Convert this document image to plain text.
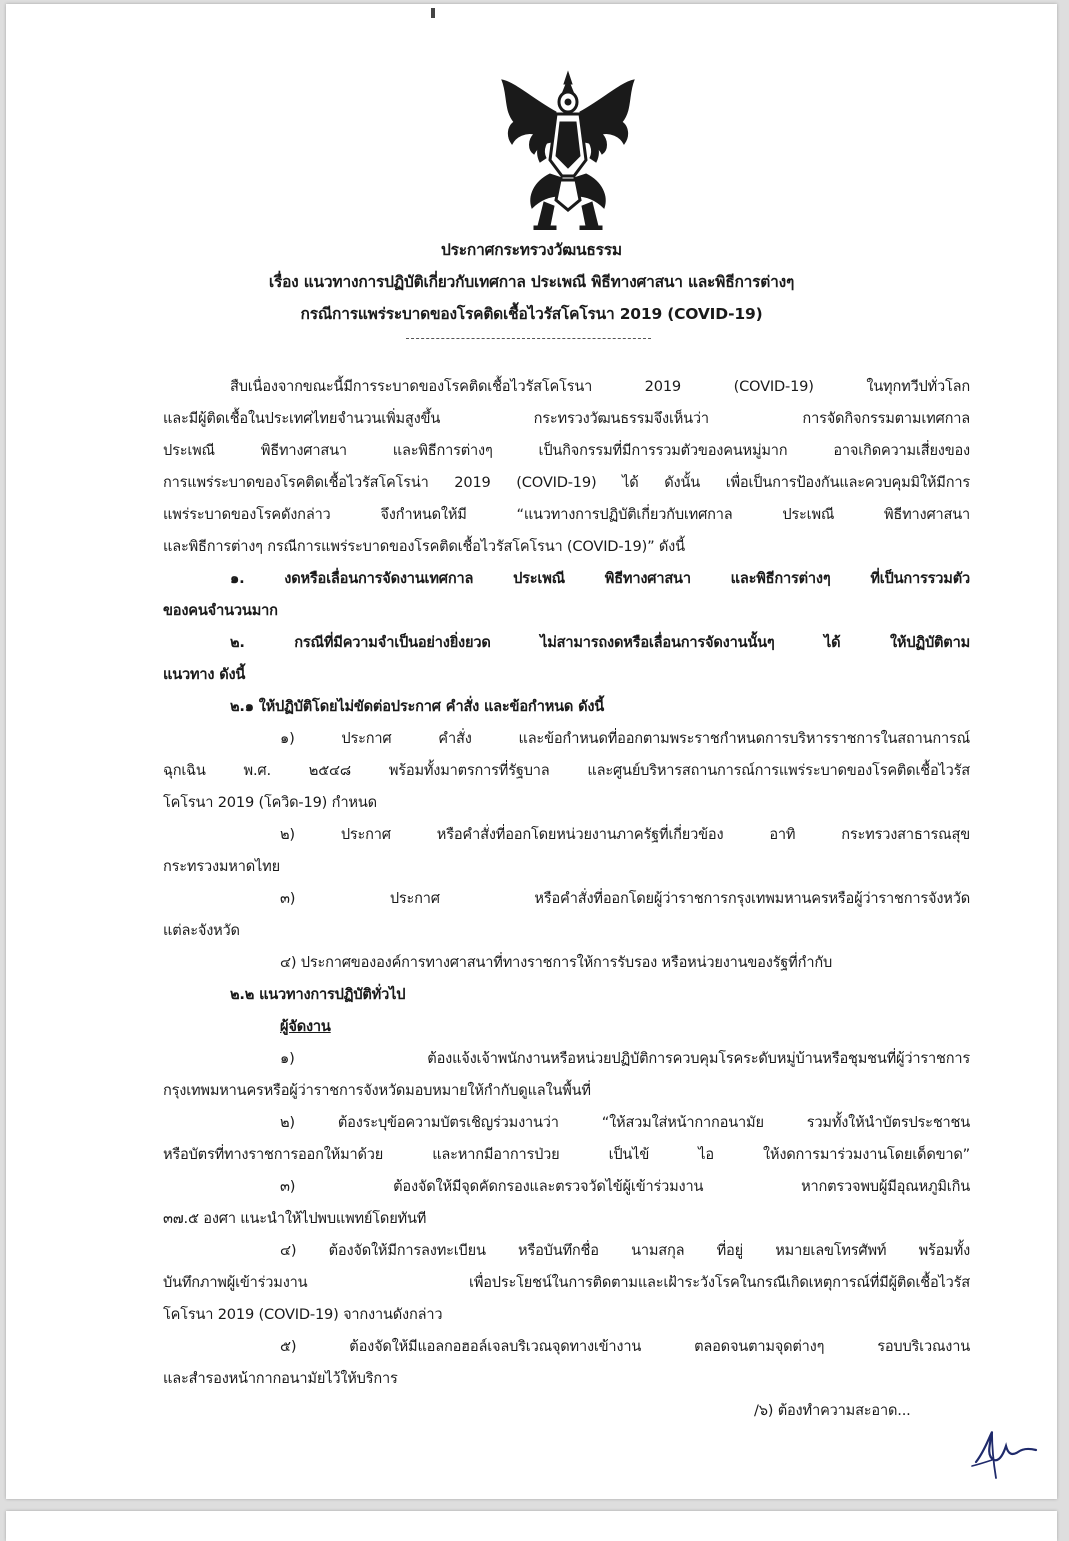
ประกาศกระทรวงวัฒนธรรม
เรื่อง แนวทางการปฏิบัติเกี่ยวกับเทศกาล ประเพณี พิธีทางศาสนา และพิธีการต่างๆ
กรณีการแพร่ระบาดของโรคติดเชื้อไวรัสโคโรนา 2019 (COVID-19)
สืบเนื่องจากขณะนี้มีการระบาดของโรคติดเชื้อไวรัสโคโรนา 2019 (COVID-19) ในทุกทวีปทั่วโลก
และมีผู้ติดเชื้อในประเทศไทยจำนวนเพิ่มสูงขึ้น กระทรวงวัฒนธรรมจึงเห็นว่า การจัดกิจกรรมตามเทศกาล
ประเพณี พิธีทางศาสนา และพิธีการต่างๆ เป็นกิจกรรมที่มีการรวมตัวของคนหมู่มาก อาจเกิดความเสี่ยงของ
การแพร่ระบาดของโรคติดเชื้อไวรัสโคโรน่า 2019 (COVID-19) ได้ ดังนั้น เพื่อเป็นการป้องกันและควบคุมมิให้มีการ
แพร่ระบาดของโรคดังกล่าว จึงกำหนดให้มี “แนวทางการปฏิบัติเกี่ยวกับเทศกาล ประเพณี พิธีทางศาสนา
และพิธีการต่างๆ กรณีการแพร่ระบาดของโรคติดเชื้อไวรัสโคโรนา (COVID-19)” ดังนี้
๑. งดหรือเลื่อนการจัดงานเทศกาล ประเพณี พิธีทางศาสนา และพิธีการต่างๆ ที่เป็นการรวมตัว
ของคนจำนวนมาก
๒. กรณีที่มีความจำเป็นอย่างยิ่งยวด ไม่สามารถงดหรือเลื่อนการจัดงานนั้นๆ ได้ ให้ปฏิบัติตาม
แนวทาง ดังนี้
๒.๑ ให้ปฏิบัติโดยไม่ขัดต่อประกาศ คำสั่ง และข้อกำหนด ดังนี้
๑) ประกาศ คำสั่ง และข้อกำหนดที่ออกตามพระราชกำหนดการบริหารราชการในสถานการณ์
ฉุกเฉิน พ.ศ. ๒๕๔๘ พร้อมทั้งมาตรการที่รัฐบาล และศูนย์บริหารสถานการณ์การแพร่ระบาดของโรคติดเชื้อไวรัส
โคโรนา 2019 (โควิด-19) กำหนด
๒) ประกาศ หรือคำสั่งที่ออกโดยหน่วยงานภาครัฐที่เกี่ยวข้อง อาทิ กระทรวงสาธารณสุข
กระทรวงมหาดไทย
๓) ประกาศ หรือคำสั่งที่ออกโดยผู้ว่าราชการกรุงเทพมหานครหรือผู้ว่าราชการจังหวัด
แต่ละจังหวัด
๔) ประกาศขององค์การทางศาสนาที่ทางราชการให้การรับรอง หรือหน่วยงานของรัฐที่กำกับ
๒.๒ แนวทางการปฏิบัติทั่วไป
ผู้จัดงาน
๑) ต้องแจ้งเจ้าพนักงานหรือหน่วยปฏิบัติการควบคุมโรคระดับหมู่บ้านหรือชุมชนที่ผู้ว่าราชการ
กรุงเทพมหานครหรือผู้ว่าราชการจังหวัดมอบหมายให้กำกับดูแลในพื้นที่
๒) ต้องระบุข้อความบัตรเชิญร่วมงานว่า “ให้สวมใส่หน้ากากอนามัย รวมทั้งให้นำบัตรประชาชน
หรือบัตรที่ทางราชการออกให้มาด้วย และหากมีอาการป่วย เป็นไข้ ไอ ให้งดการมาร่วมงานโดยเด็ดขาด”
๓) ต้องจัดให้มีจุดคัดกรองและตรวจวัดไข้ผู้เข้าร่วมงาน หากตรวจพบผู้มีอุณหภูมิเกิน
๓๗.๕ องศา แนะนำให้ไปพบแพทย์โดยทันที
๔) ต้องจัดให้มีการลงทะเบียน หรือบันทึกชื่อ นามสกุล ที่อยู่ หมายเลขโทรศัพท์ พร้อมทั้ง
บันทึกภาพผู้เข้าร่วมงาน เพื่อประโยชน์ในการติดตามและเฝ้าระวังโรคในกรณีเกิดเหตุการณ์ที่มีผู้ติดเชื้อไวรัส
โคโรนา 2019 (COVID-19) จากงานดังกล่าว
๕) ต้องจัดให้มีแอลกอฮอล์เจลบริเวณจุดทางเข้างาน ตลอดจนตามจุดต่างๆ รอบบริเวณงาน
และสำรองหน้ากากอนามัยไว้ให้บริการ
/๖) ต้องทำความสะอาด...
